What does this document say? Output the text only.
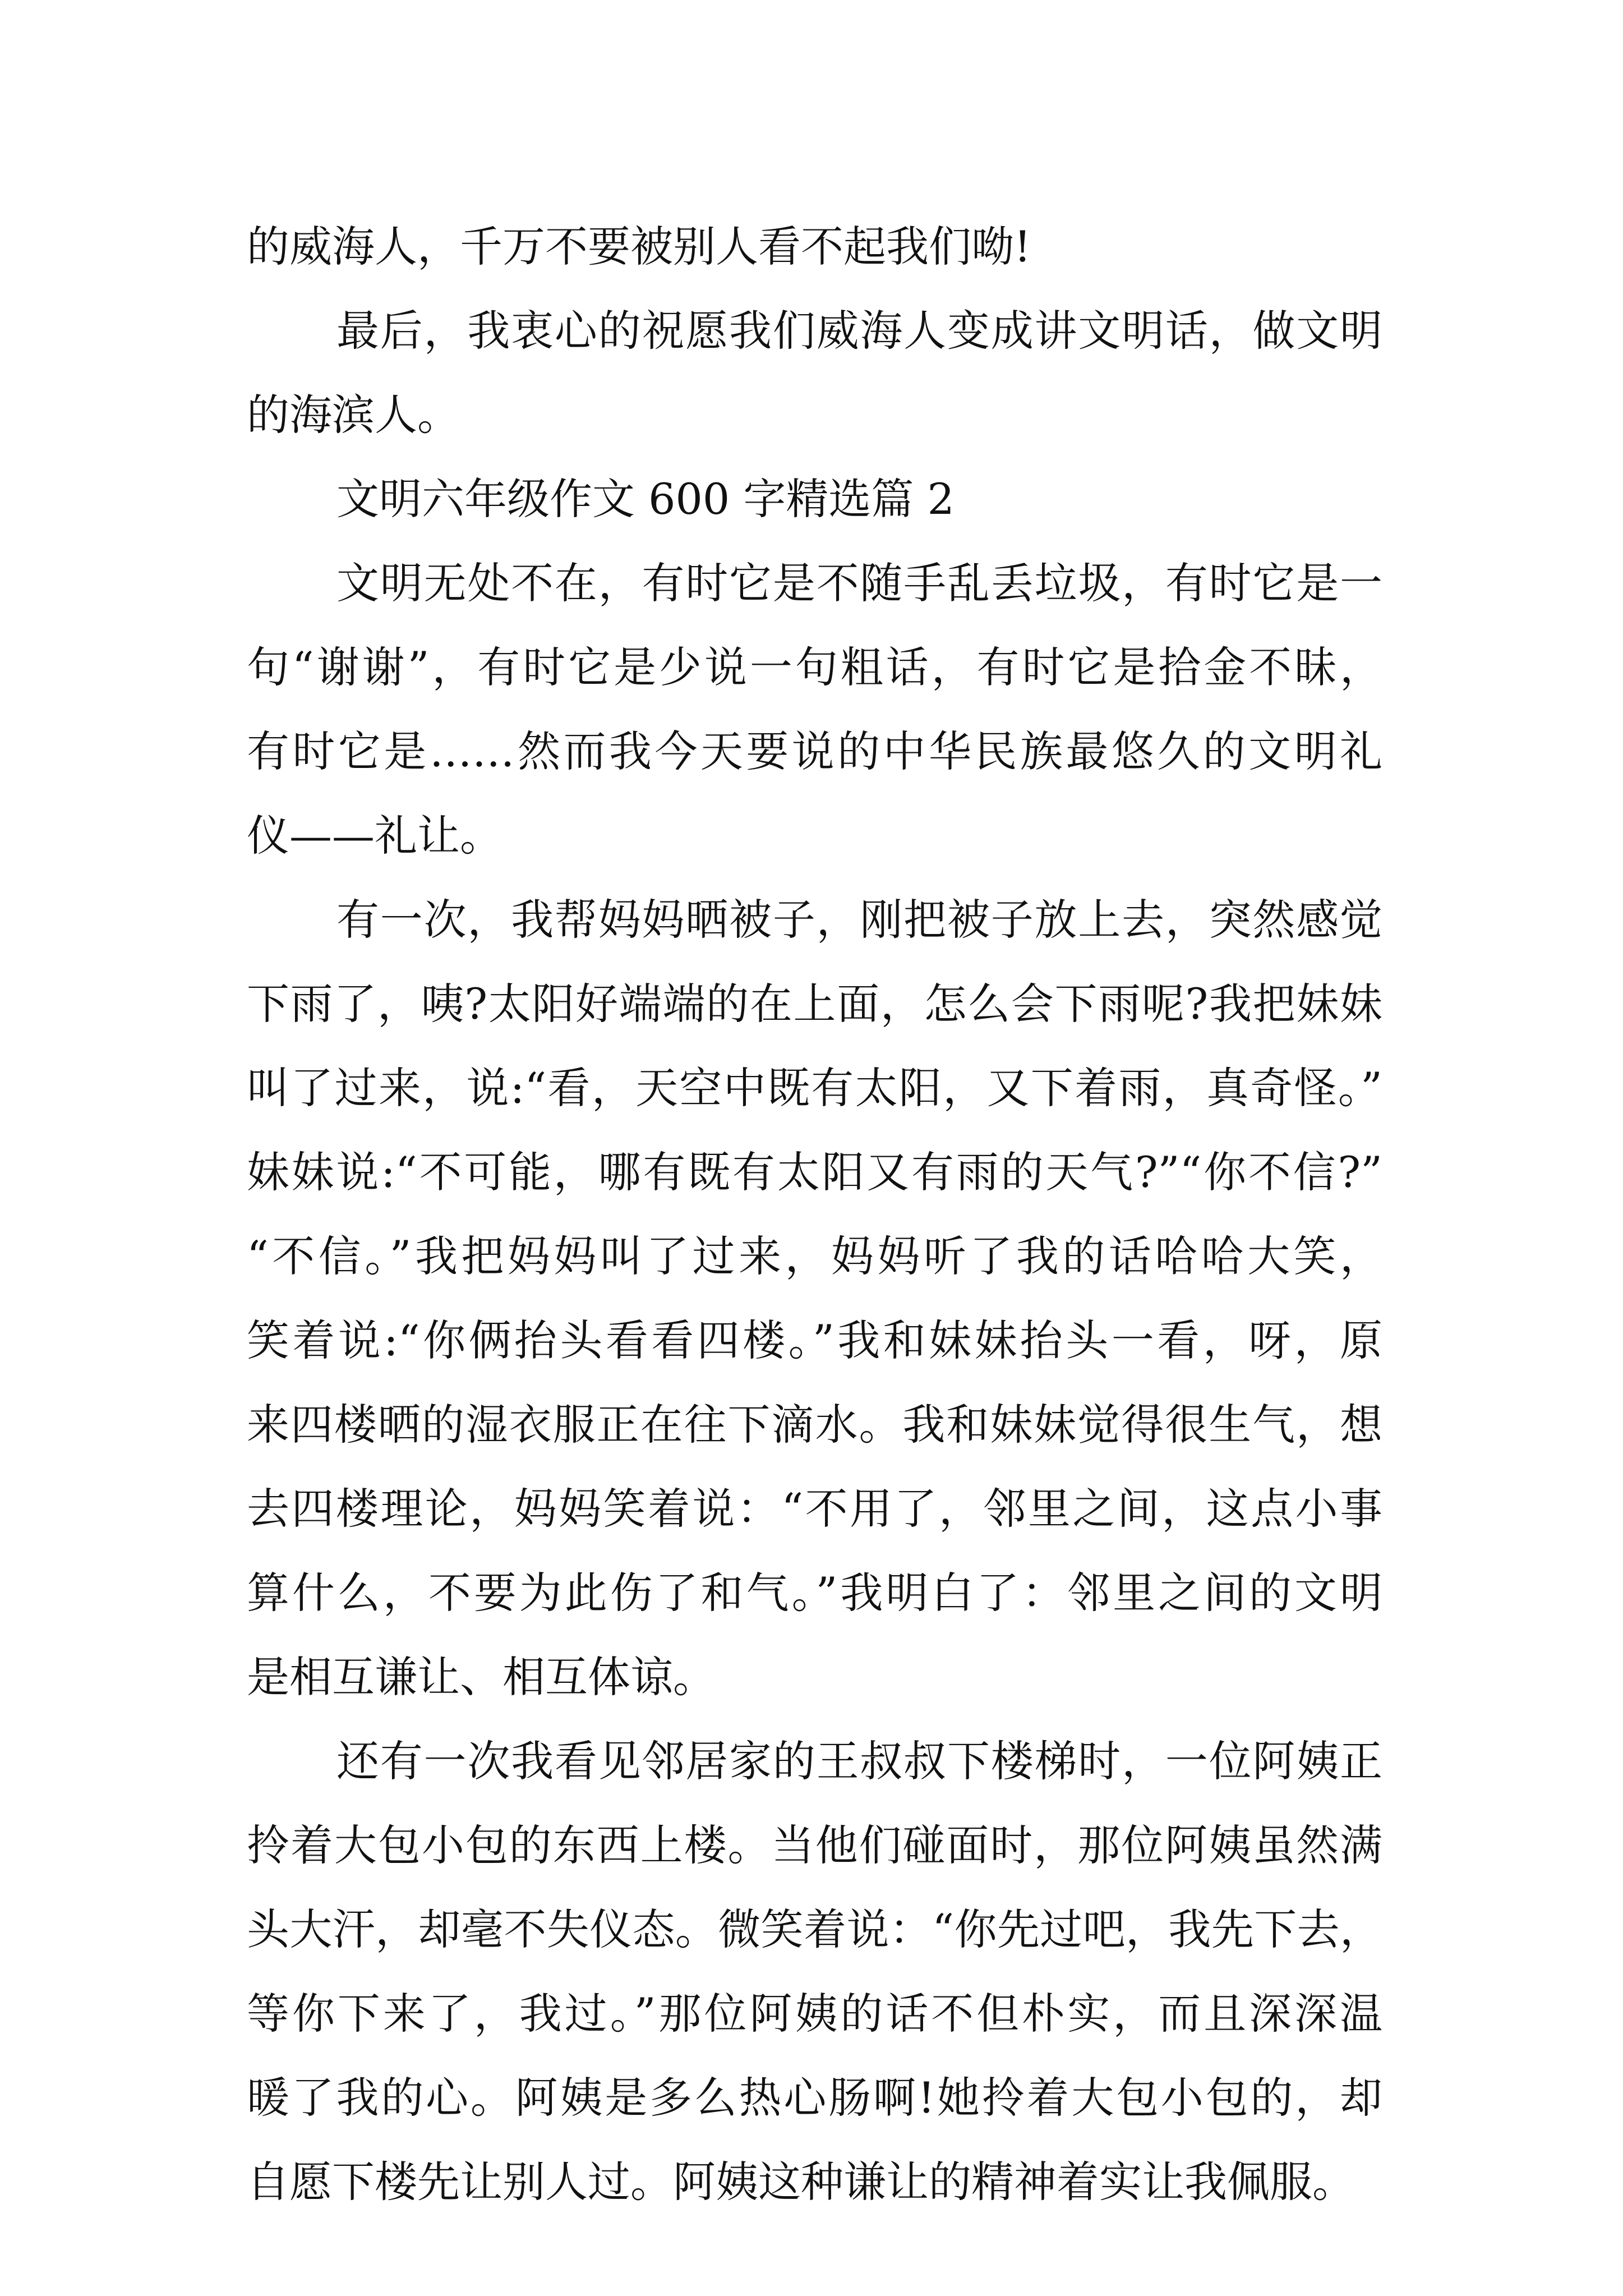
的威海人，千万不要被别人看不起我们呦!
最后，我衷心的祝愿我们威海人变成讲文明话，做文明
的海滨人。
文明六年级作文 600 字精选篇 2
文明无处不在，有时它是不随手乱丢垃圾，有时它是一
句“谢谢”，有时它是少说一句粗话，有时它是拾金不昧，
有时它是……然而我今天要说的中华民族最悠久的文明礼
仪——礼让。
有一次，我帮妈妈晒被子，刚把被子放上去，突然感觉
下雨了，咦?太阳好端端的在上面，怎么会下雨呢?我把妹妹
叫了过来，说:“看，天空中既有太阳，又下着雨，真奇怪。”
妹妹说:“不可能，哪有既有太阳又有雨的天气?”“你不信?”
“不信。”我把妈妈叫了过来，妈妈听了我的话哈哈大笑，
笑着说:“你俩抬头看看四楼。”我和妹妹抬头一看，呀，原
来四楼晒的湿衣服正在往下滴水。我和妹妹觉得很生气，想
去四楼理论，妈妈笑着说：“不用了，邻里之间，这点小事
算什么，不要为此伤了和气。”我明白了：邻里之间的文明
是相互谦让、相互体谅。
还有一次我看见邻居家的王叔叔下楼梯时，一位阿姨正
拎着大包小包的东西上楼。当他们碰面时，那位阿姨虽然满
头大汗，却毫不失仪态。微笑着说：“你先过吧，我先下去，
等你下来了，我过。”那位阿姨的话不但朴实，而且深深温
暖了我的心。阿姨是多么热心肠啊!她拎着大包小包的，却
自愿下楼先让别人过。阿姨这种谦让的精神着实让我佩服。
